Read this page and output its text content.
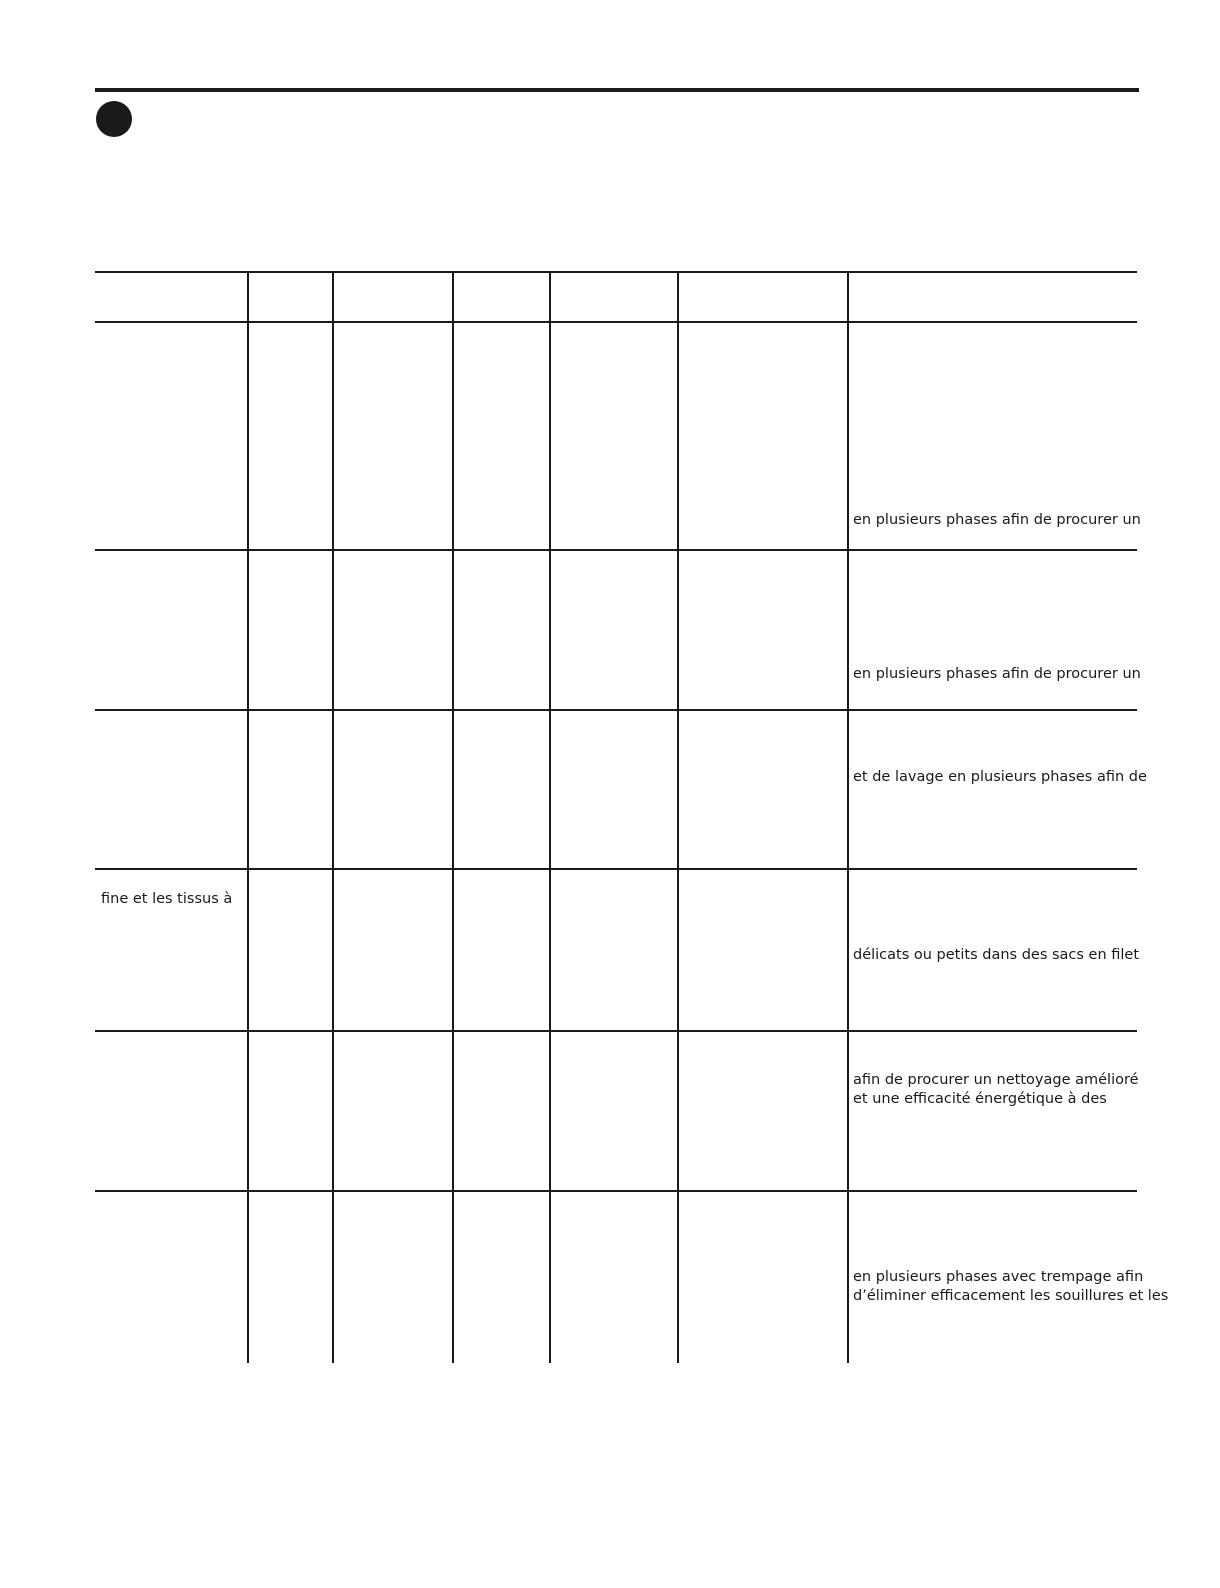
en plusieurs phases afin de procurer un
en plusieurs phases afin de procurer un
et de lavage en plusieurs phases afin de
fine et les tissus à
délicats ou petits dans des sacs en filet
afin de procurer un nettoyage amélioré
et une efficacité énergétique à des
en plusieurs phases avec trempage afin
d’éliminer efficacement les souillures et les
